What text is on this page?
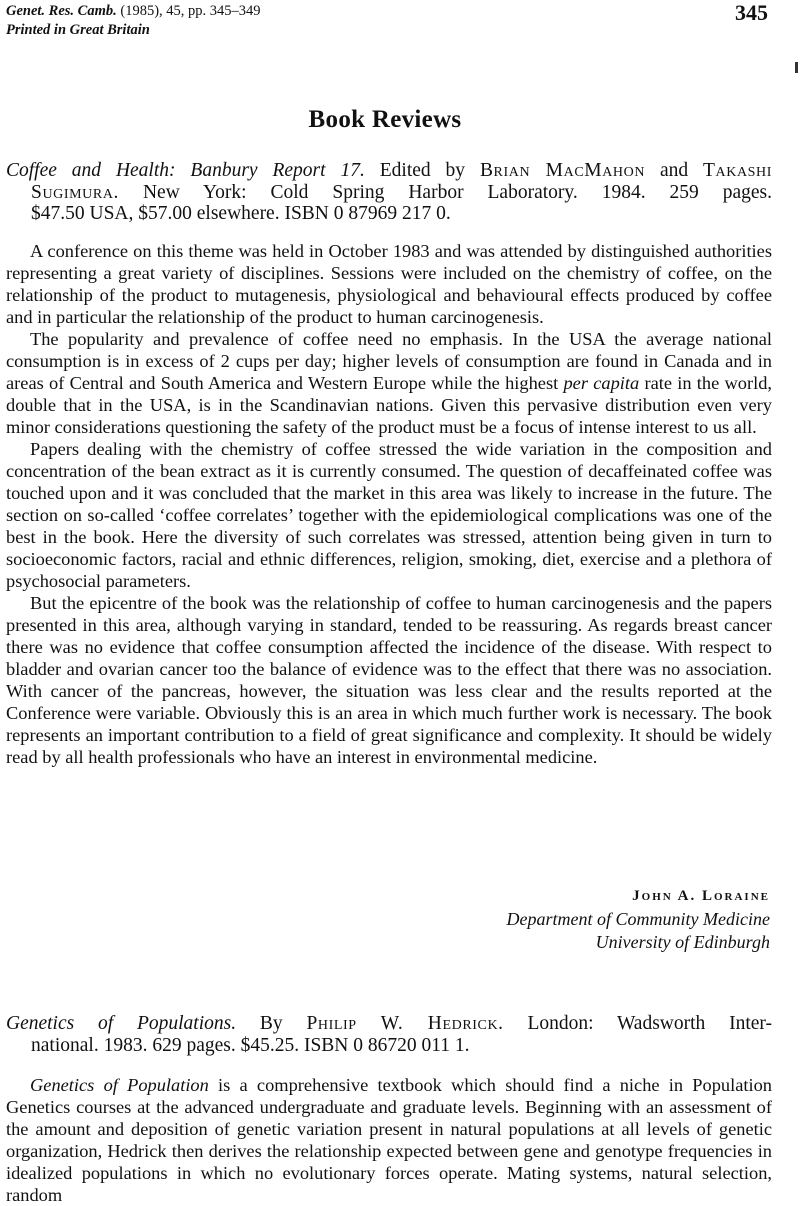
Genet. Res. Camb. (1985), 45, pp. 345–349
Printed in Great Britain
345
Book Reviews
Coffee and Health: Banbury Report 17. Edited by Brian MacMahon and Takashi
Sugimura. New York: Cold Spring Harbor Laboratory. 1984. 259 pages.
$47.50 USA, $57.00 elsewhere. ISBN 0 87969 217 0.

A conference on this theme was held in October 1983 and was attended by distinguished authorities representing a great variety of disciplines. Sessions were included on the chemistry of coffee, on the relationship of the product to mutagenesis, physiological and behavioural effects produced by coffee and in particular the relationship of the product to human carcinogenesis.

The popularity and prevalence of coffee need no emphasis. In the USA the average national consumption is in excess of 2 cups per day; higher levels of consumption are found in Canada and in areas of Central and South America and Western Europe while the highest per capita rate in the world, double that in the USA, is in the Scandinavian nations. Given this pervasive distribution even very minor considerations questioning the safety of the product must be a focus of intense interest to us all.

Papers dealing with the chemistry of coffee stressed the wide variation in the composition and concentration of the bean extract as it is currently consumed. The question of decaffeinated coffee was touched upon and it was concluded that the market in this area was likely to increase in the future. The section on so-called ‘coffee correlates’ together with the epidemiological complications was one of the best in the book. Here the diversity of such correlates was stressed, attention being given in turn to socioeconomic factors, racial and ethnic differences, religion, smoking, diet, exercise and a plethora of psychosocial parameters.

But the epicentre of the book was the relationship of coffee to human carcinogenesis and the papers presented in this area, although varying in standard, tended to be reassuring. As regards breast cancer there was no evidence that coffee consumption affected the incidence of the disease. With respect to bladder and ovarian cancer too the balance of evidence was to the effect that there was no association. With cancer of the pancreas, however, the situation was less clear and the results reported at the Conference were variable. Obviously this is an area in which much further work is necessary. The book represents an important contribution to a field of great significance and complexity. It should be widely read by all health professionals who have an interest in environmental medicine.

John A. Loraine
Department of Community Medicine
University of Edinburgh
Genetics of Populations. By Philip W. Hedrick. London: Wadsworth Inter-
national. 1983. 629 pages. $45.25. ISBN 0 86720 011 1.

Genetics of Population is a comprehensive textbook which should find a niche in Population Genetics courses at the advanced undergraduate and graduate levels. Beginning with an assessment of the amount and deposition of genetic variation present in natural populations at all levels of genetic organization, Hedrick then derives the relationship expected between gene and genotype frequencies in idealized populations in which no evolutionary forces operate. Mating systems, natural selection, random
